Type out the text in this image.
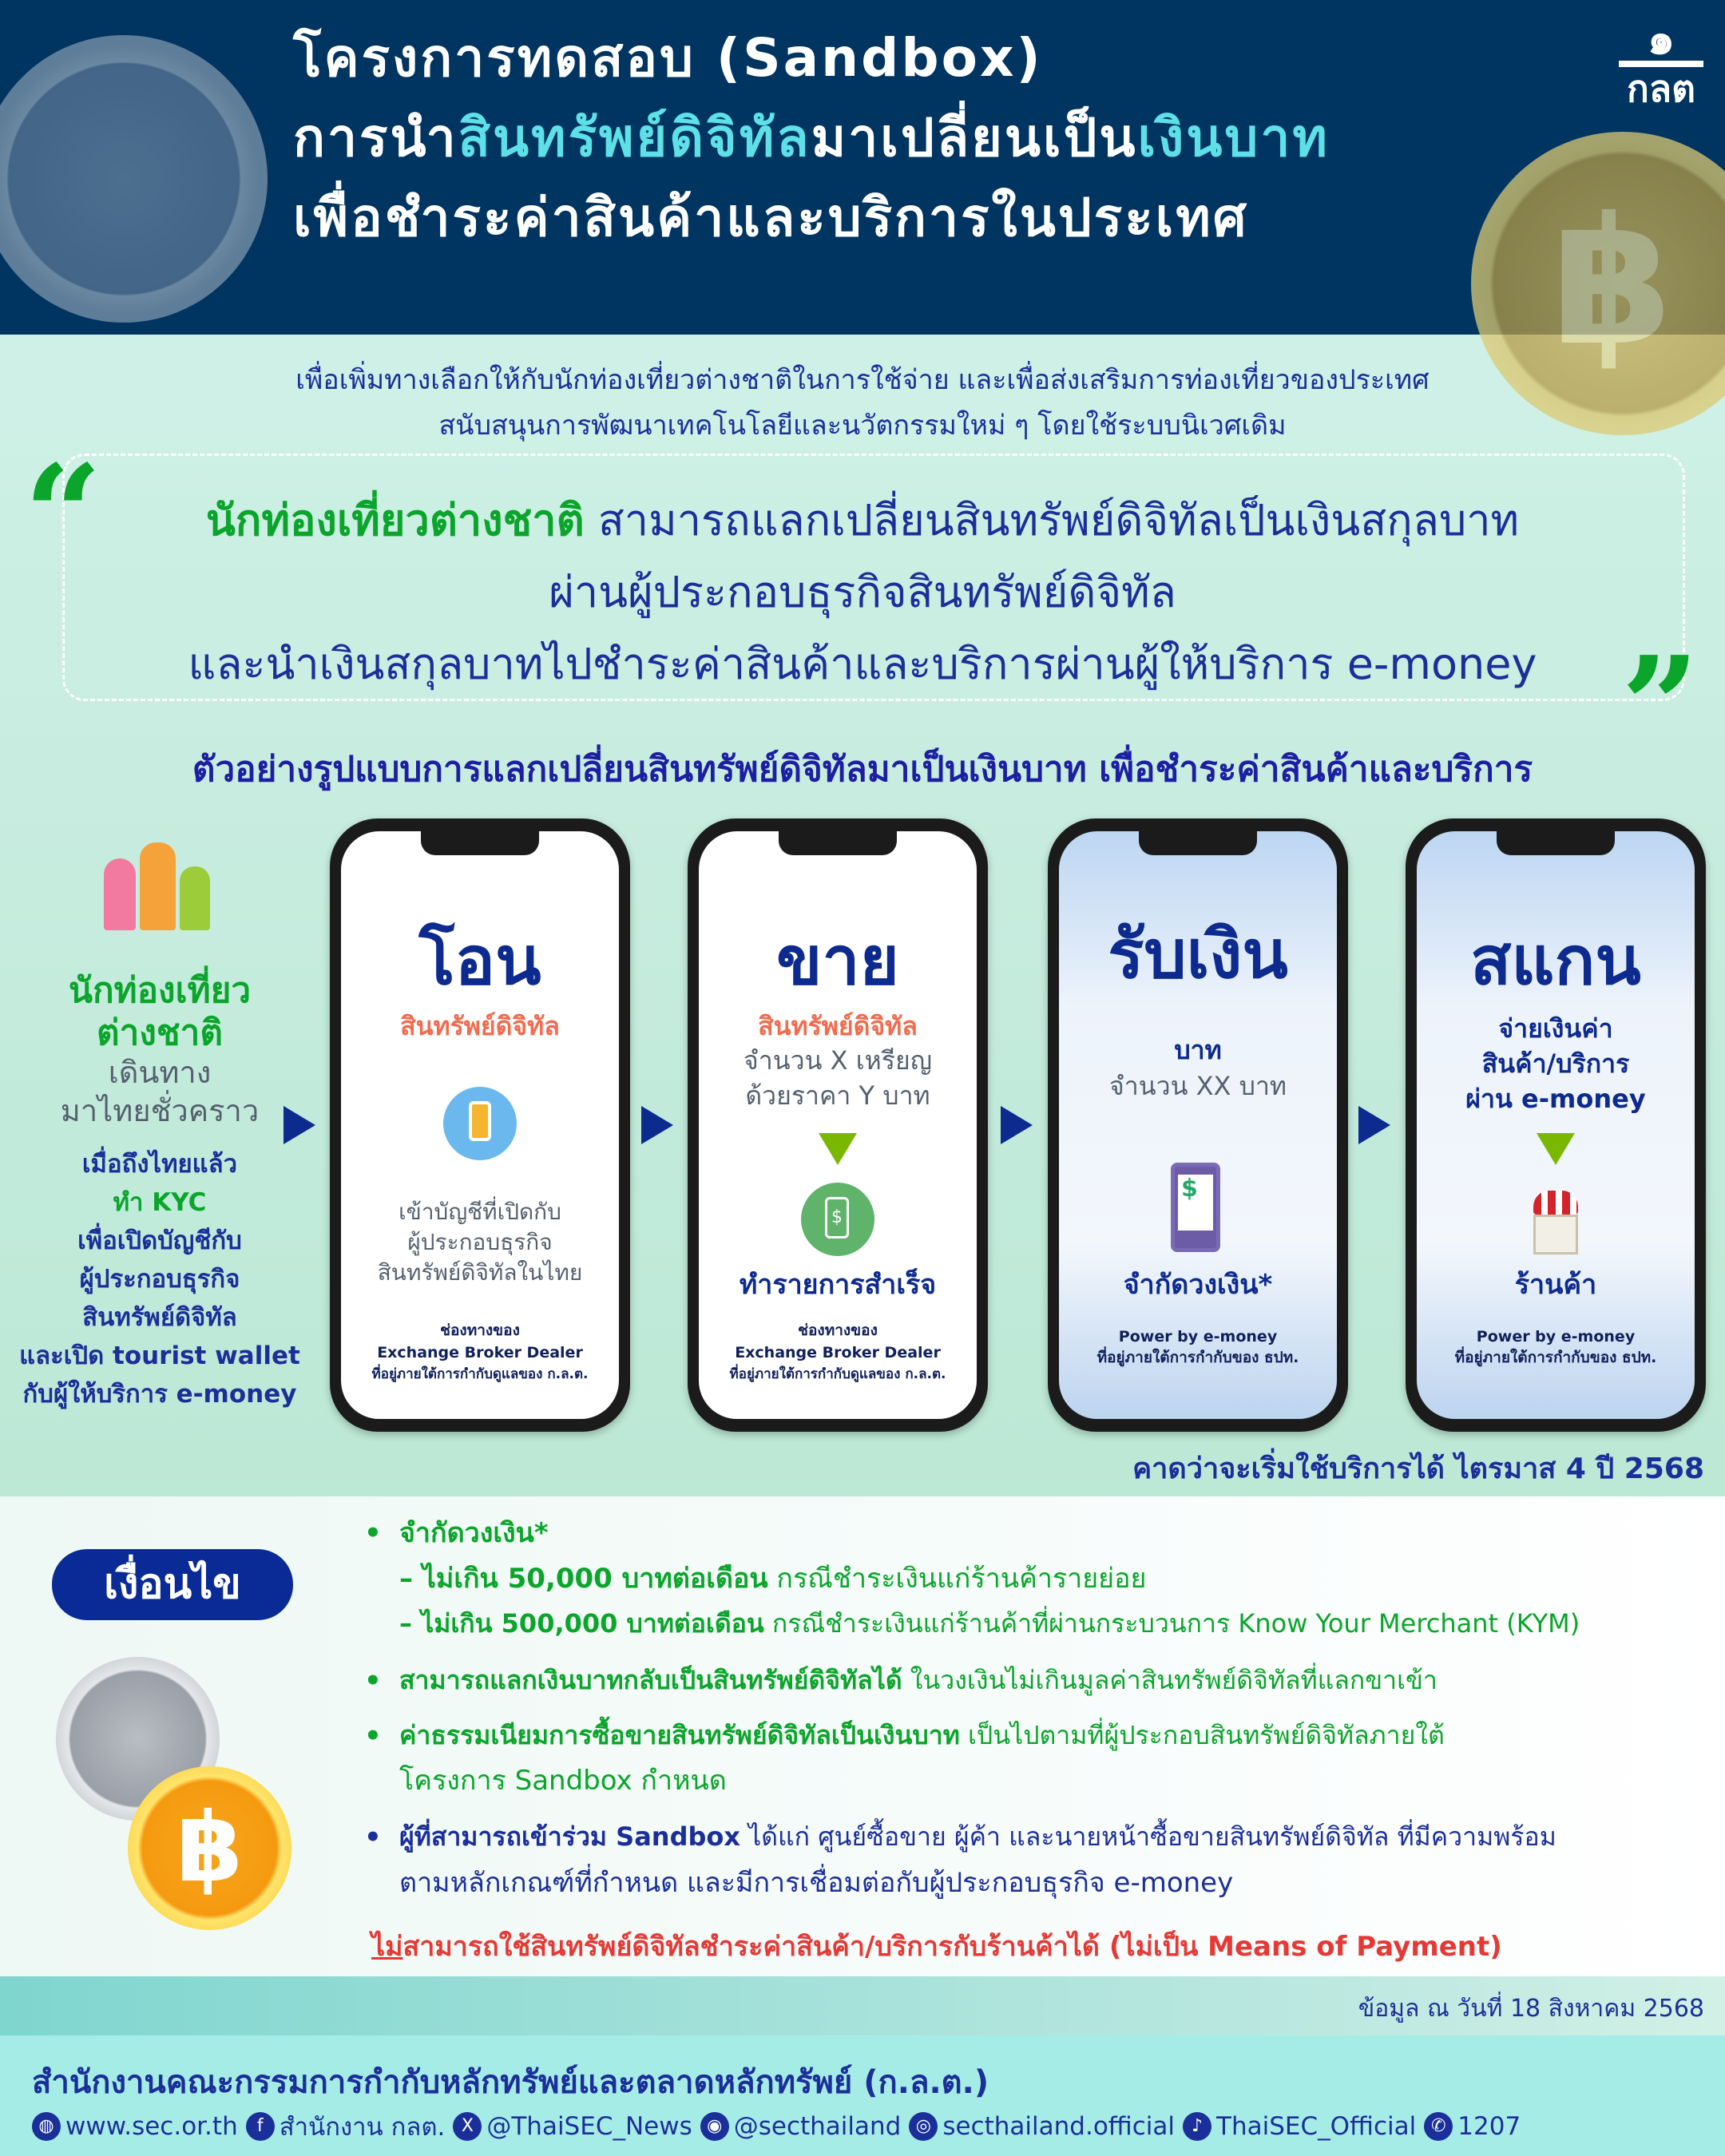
฿
โครงการทดสอบ (Sandbox)
การนำสินทรัพย์ดิจิทัลมาเปลี่ยนเป็นเงินบาท
เพื่อชำระค่าสินค้าและบริการในประเทศ
๑
กลต
เพื่อเพิ่มทางเลือกให้กับนักท่องเที่ยวต่างชาติในการใช้จ่าย และเพื่อส่งเสริมการท่องเที่ยวของประเทศ
สนับสนุนการพัฒนาเทคโนโลยีและนวัตกรรมใหม่ ๆ โดยใช้ระบบนิเวศเดิม
“
”
นักท่องเที่ยวต่างชาติ สามารถแลกเปลี่ยนสินทรัพย์ดิจิทัลเป็นเงินสกุลบาท
ผ่านผู้ประกอบธุรกิจสินทรัพย์ดิจิทัล
และนำเงินสกุลบาทไปชำระค่าสินค้าและบริการผ่านผู้ให้บริการ e-money
ตัวอย่างรูปแบบการแลกเปลี่ยนสินทรัพย์ดิจิทัลมาเป็นเงินบาท เพื่อชำระค่าสินค้าและบริการ
นักท่องเที่ยว
ต่างชาติ
เดินทาง
มาไทยชั่วคราว
เมื่อถึงไทยแล้ว
ทำ KYC
เพื่อเปิดบัญชีกับ
ผู้ประกอบธุรกิจ
สินทรัพย์ดิจิทัล
และเปิด tourist wallet
กับผู้ให้บริการ e-money
โอน
สินทรัพย์ดิจิทัล
เข้าบัญชีที่เปิดกับ
ผู้ประกอบธุรกิจ
สินทรัพย์ดิจิทัลในไทย
ช่องทางของ
Exchange Broker Dealer
ที่อยู่ภายใต้การกำกับดูแลของ ก.ล.ต.
ขาย
สินทรัพย์ดิจิทัล
จำนวน X เหรียญ
ด้วยราคา Y บาท
$
ทำรายการสำเร็จ
ช่องทางของ
Exchange Broker Dealer
ที่อยู่ภายใต้การกำกับดูแลของ ก.ล.ต.
รับเงิน
บาท
จำนวน XX บาท
$
จำกัดวงเงิน*
Power by e-money
ที่อยู่ภายใต้การกำกับของ ธปท.
สแกน
จ่ายเงินค่า
สินค้า/บริการ
ผ่าน e-money
ร้านค้า
Power by e-money
ที่อยู่ภายใต้การกำกับของ ธปท.
คาดว่าจะเริ่มใช้บริการได้ ไตรมาส 4 ปี 2568
เงื่อนไข
฿
• จำกัดวงเงิน*
– ไม่เกิน 50,000 บาทต่อเดือน กรณีชำระเงินแก่ร้านค้ารายย่อย
– ไม่เกิน 500,000 บาทต่อเดือน กรณีชำระเงินแก่ร้านค้าที่ผ่านกระบวนการ Know Your Merchant (KYM)
• สามารถแลกเงินบาทกลับเป็นสินทรัพย์ดิจิทัลได้ ในวงเงินไม่เกินมูลค่าสินทรัพย์ดิจิทัลที่แลกขาเข้า
• ค่าธรรมเนียมการซื้อขายสินทรัพย์ดิจิทัลเป็นเงินบาท เป็นไปตามที่ผู้ประกอบสินทรัพย์ดิจิทัลภายใต้
โครงการ Sandbox กำหนด
• ผู้ที่สามารถเข้าร่วม Sandbox ได้แก่ ศูนย์ซื้อขาย ผู้ค้า และนายหน้าซื้อขายสินทรัพย์ดิจิทัล ที่มีความพร้อม
ตามหลักเกณฑ์ที่กำหนด และมีการเชื่อมต่อกับผู้ประกอบธุรกิจ e-money
ไม่สามารถใช้สินทรัพย์ดิจิทัลชำระค่าสินค้า/บริการกับร้านค้าได้ (ไม่เป็น Means of Payment)
ข้อมูล ณ วันที่ 18 สิงหาคม 2568
สำนักงานคณะกรรมการกำกับหลักทรัพย์และตลาดหลักทรัพย์ (ก.ล.ต.)
◍ www.sec.or.th	f สำนักงาน กลต. X @ThaiSEC_News ◉ @secthailand ◎ secthailand.official ♪ ThaiSEC_Official ✆ 1207
